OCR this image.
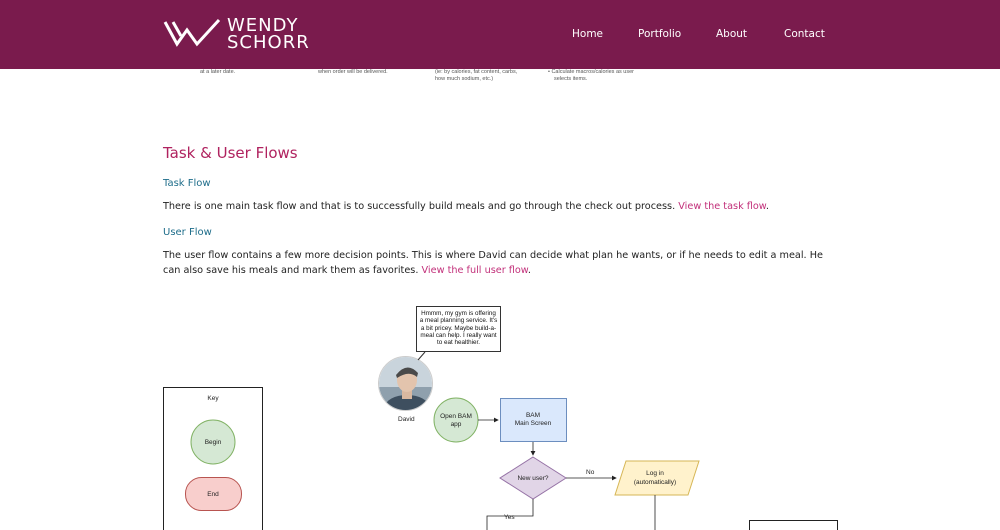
WENDY
SCHORR	Home	Portfolio	About	Contact
at a later date.	when order will be delivered.	(ie: by calories, fat content, carbs,
how much sodium, etc.)
• Calculate macros/calories as user
selects items.
Task & User Flows
Task Flow

There is one main task flow and that is to successfully build meals and go through the check out process. View the task flow.

User Flow

The user flow contains a few more decision points. This is where David can decide what plan he wants, or if he needs to edit a meal. He can also save his meals and mark them as favorites. View the full user flow.

Hmmm, my gym is offering a meal planning service. It's a bit pricey. Maybe build-a-meal can help. I really want to eat healthier.
David
Key
Begin
End
Open BAM
app
BAM
Main Screen
New user?
No	Log in
(automatically)
Yes
